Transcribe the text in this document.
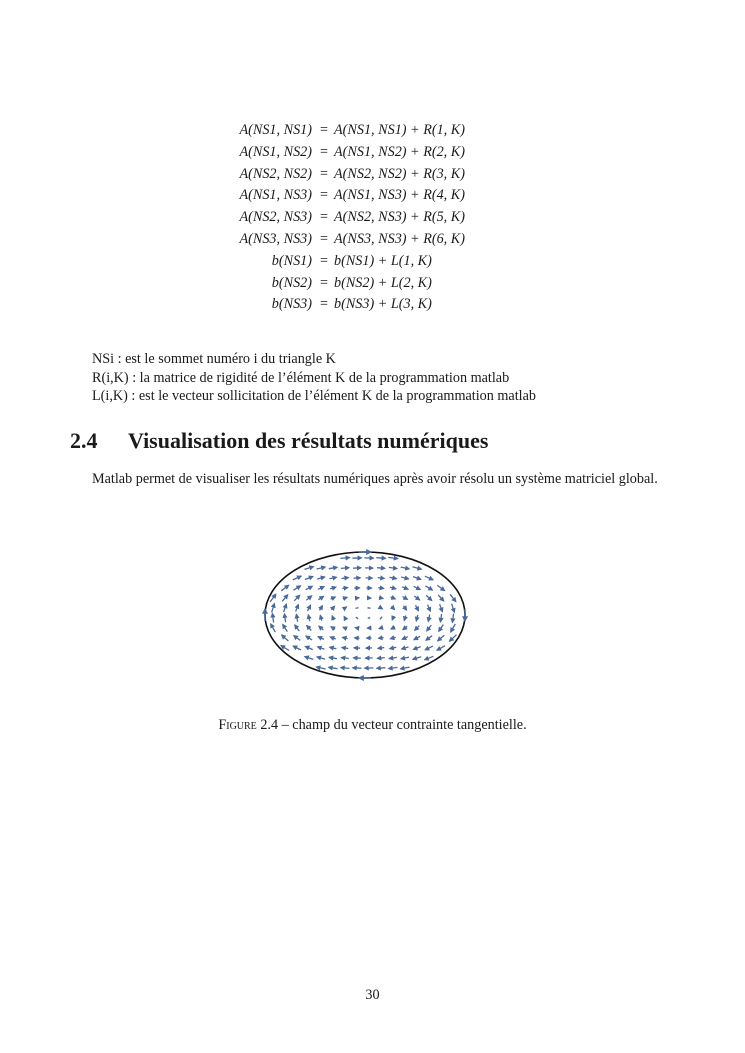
A(NS1, NS1) = A(NS1, NS1) + R(1, K)
A(NS1, NS2) = A(NS1, NS2) + R(2, K)
A(NS2, NS2) = A(NS2, NS2) + R(3, K)
A(NS1, NS3) = A(NS1, NS3) + R(4, K)
A(NS2, NS3) = A(NS2, NS3) + R(5, K)
A(NS3, NS3) = A(NS3, NS3) + R(6, K)
b(NS1) = b(NS1) + L(1, K)
b(NS2) = b(NS2) + L(2, K)
b(NS3) = b(NS3) + L(3, K)
NSi : est le sommet numéro i du triangle K
R(i,K) : la matrice de rigidité de l’élément K de la programmation matlab
L(i,K) : est le vecteur sollicitation de l’élément K de la programmation matlab
2.4 Visualisation des résultats numériques
Matlab permet de visualiser les résultats numériques après avoir résolu un système matriciel global.
Figure 2.4 – champ du vecteur contrainte tangentielle.
30
